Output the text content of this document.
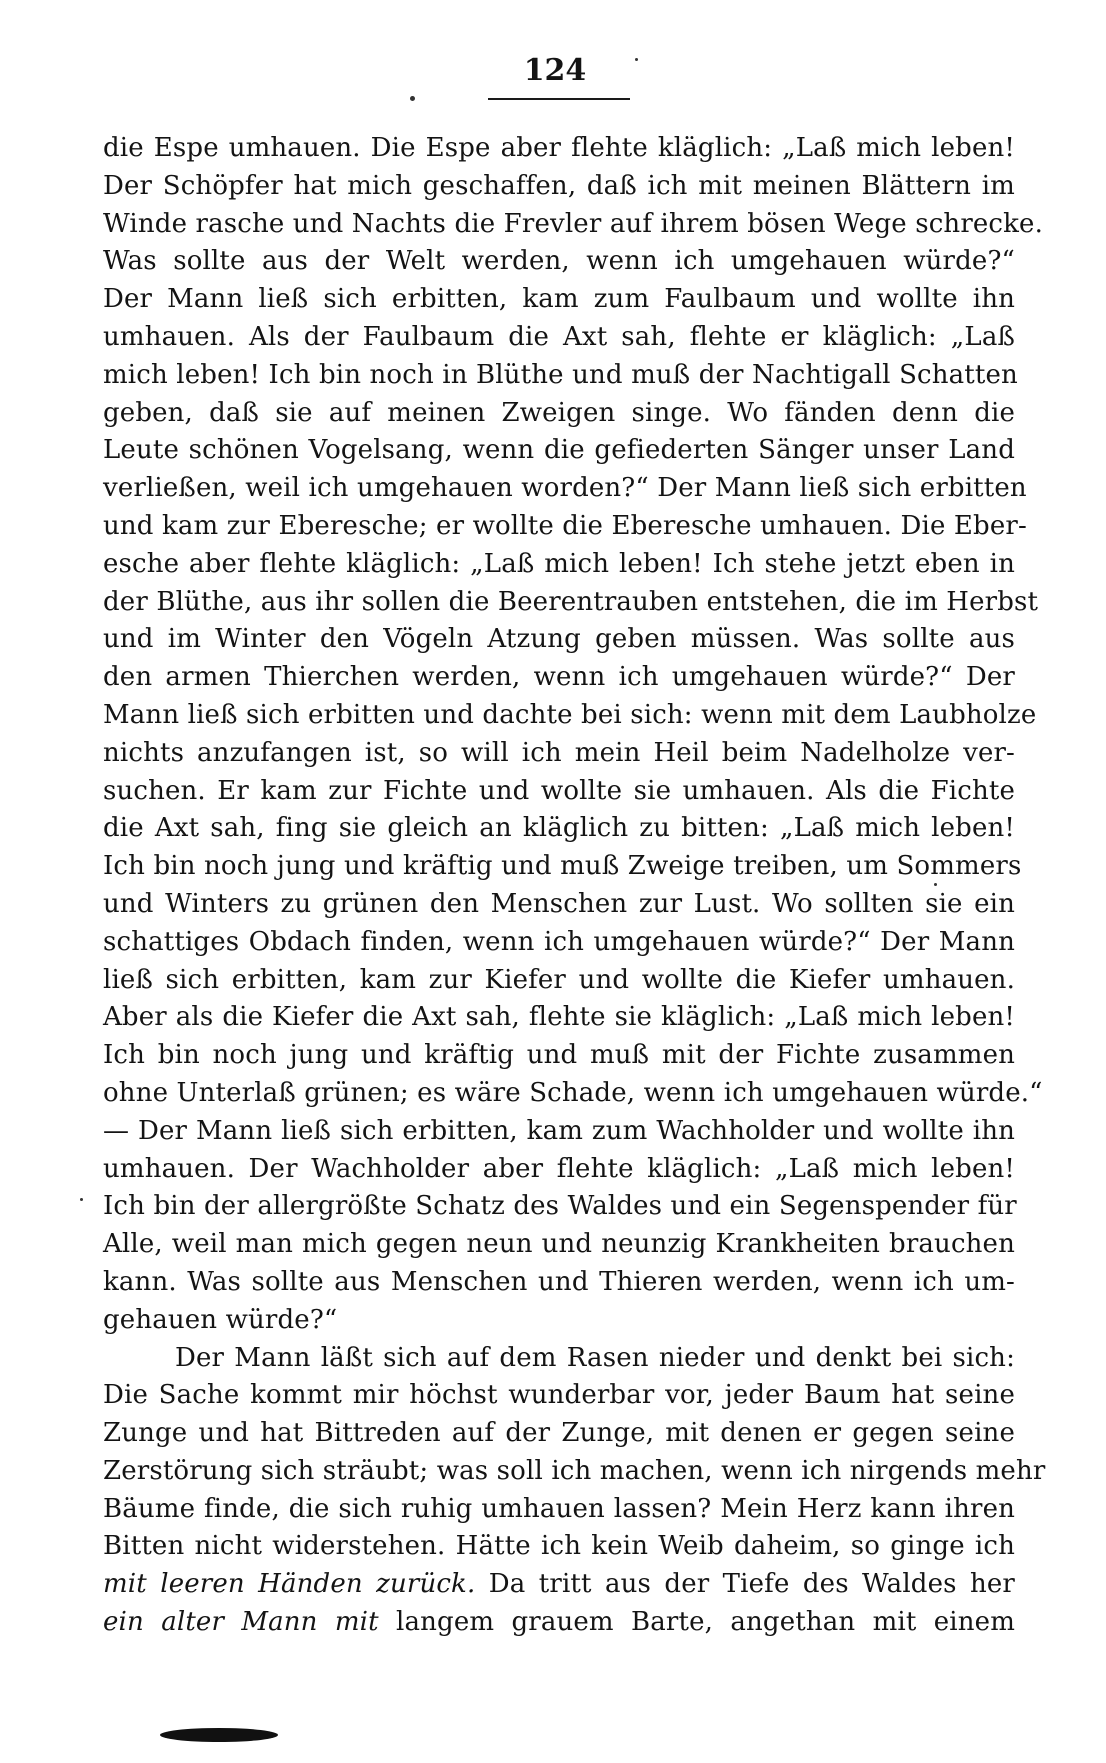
124
die Espe umhauen. Die Espe aber flehte kläglich: „Laß mich leben!
Der Schöpfer hat mich geschaffen, daß ich mit meinen Blättern im
Winde rasche und Nachts die Frevler auf ihrem bösen Wege schrecke.
Was sollte aus der Welt werden, wenn ich umgehauen würde?“
Der Mann ließ sich erbitten, kam zum Faulbaum und wollte ihn
umhauen. Als der Faulbaum die Axt sah, flehte er kläglich: „Laß
mich leben! Ich bin noch in Blüthe und muß der Nachtigall Schatten
geben, daß sie auf meinen Zweigen singe. Wo fänden denn die
Leute schönen Vogelsang, wenn die gefiederten Sänger unser Land
verließen, weil ich umgehauen worden?“ Der Mann ließ sich erbitten
und kam zur Eberesche; er wollte die Eberesche umhauen. Die Eber-
esche aber flehte kläglich: „Laß mich leben! Ich stehe jetzt eben in
der Blüthe, aus ihr sollen die Beerentrauben entstehen, die im Herbst
und im Winter den Vögeln Atzung geben müssen. Was sollte aus
den armen Thierchen werden, wenn ich umgehauen würde?“ Der
Mann ließ sich erbitten und dachte bei sich: wenn mit dem Laubholze
nichts anzufangen ist, so will ich mein Heil beim Nadelholze ver-
suchen. Er kam zur Fichte und wollte sie umhauen. Als die Fichte
die Axt sah, fing sie gleich an kläglich zu bitten: „Laß mich leben!
Ich bin noch jung und kräftig und muß Zweige treiben, um Sommers
und Winters zu grünen den Menschen zur Lust. Wo sollten sie ein
schattiges Obdach finden, wenn ich umgehauen würde?“ Der Mann
ließ sich erbitten, kam zur Kiefer und wollte die Kiefer umhauen.
Aber als die Kiefer die Axt sah, flehte sie kläglich: „Laß mich leben!
Ich bin noch jung und kräftig und muß mit der Fichte zusammen
ohne Unterlaß grünen; es wäre Schade, wenn ich umgehauen würde.“
— Der Mann ließ sich erbitten, kam zum Wachholder und wollte ihn
umhauen. Der Wachholder aber flehte kläglich: „Laß mich leben!
Ich bin der allergrößte Schatz des Waldes und ein Segenspender für
Alle, weil man mich gegen neun und neunzig Krankheiten brauchen
kann. Was sollte aus Menschen und Thieren werden, wenn ich um-
gehauen würde?“
Der Mann läßt sich auf dem Rasen nieder und denkt bei sich:
Die Sache kommt mir höchst wunderbar vor, jeder Baum hat seine
Zunge und hat Bittreden auf der Zunge, mit denen er gegen seine
Zerstörung sich sträubt; was soll ich machen, wenn ich nirgends mehr
Bäume finde, die sich ruhig umhauen lassen? Mein Herz kann ihren
Bitten nicht widerstehen. Hätte ich kein Weib daheim, so ginge ich
mit leeren Händen zurück. Da tritt aus der Tiefe des Waldes her
ein alter Mann mit langem grauem Barte, angethan mit einem
